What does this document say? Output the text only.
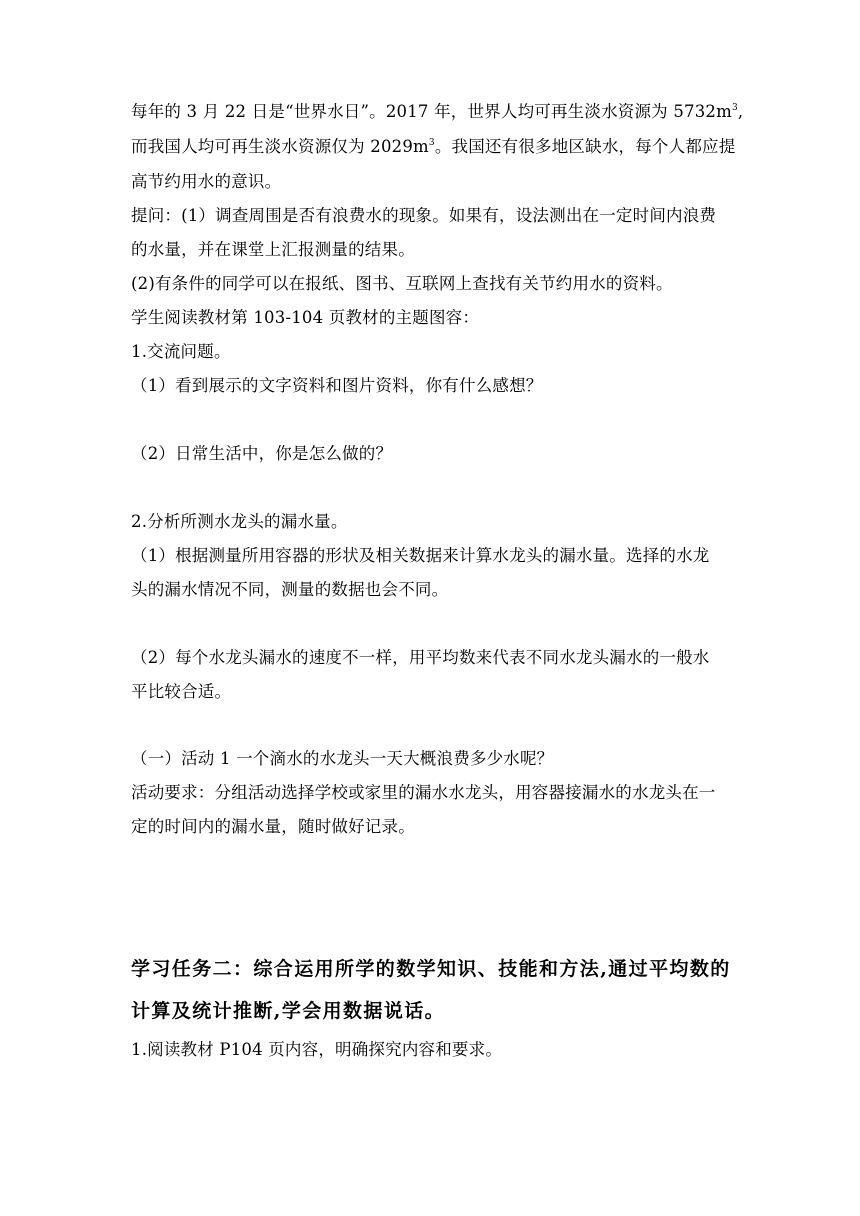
每年的 3 月 22 日是“世界水日”。2017 年，世界人均可再生淡水资源为 $5732m^3$,
而我国人均可再生淡水资源仅为 $2029m^3$。我国还有很多地区缺水，每个人都应提
高节约用水的意识。
提问：(1）调查周围是否有浪费水的现象。如果有，设法测出在一定时间内浪费
的水量，并在课堂上汇报测量的结果。
(2)有条件的同学可以在报纸、图书、互联网上查找有关节约用水的资料。
学生阅读教材第 103-104 页教材的主题图容：
1.交流问题。
（1）看到展示的文字资料和图片资料，你有什么感想？
（2）日常生活中，你是怎么做的？
2.分析所测水龙头的漏水量。
（1）根据测量所用容器的形状及相关数据来计算水龙头的漏水量。选择的水龙
头的漏水情况不同，测量的数据也会不同。
（2）每个水龙头漏水的速度不一样，用平均数来代表不同水龙头漏水的一般水
平比较合适。
（一）活动 1 一个滴水的水龙头一天大概浪费多少水呢？
活动要求：分组活动选择学校或家里的漏水水龙头，用容器接漏水的水龙头在一
定的时间内的漏水量，随时做好记录。
学习任务二：综合运用所学的数学知识、技能和方法,通过平均数的
计算及统计推断,学会用数据说话。
1.阅读教材 P104 页内容，明确探究内容和要求。
